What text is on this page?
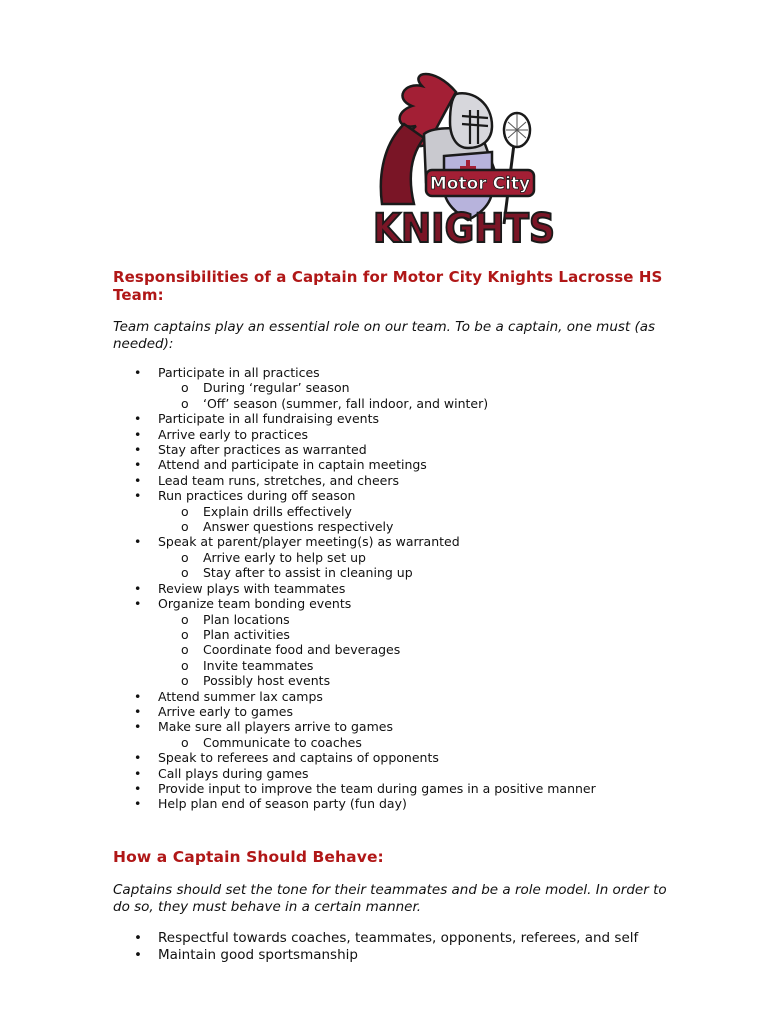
Motor City
KNIGHTS
Responsibilities of a Captain for Motor City Knights Lacrosse HS Team:

Team captains play an essential role on our team. To be a captain, one must (as needed):

• Participate in all practices
o During ‘regular’ season
o ‘Off’ season (summer, fall indoor, and winter)
• Participate in all fundraising events
• Arrive early to practices
• Stay after practices as warranted
• Attend and participate in captain meetings
• Lead team runs, stretches, and cheers
• Run practices during off season
o Explain drills effectively
o Answer questions respectively
• Speak at parent/player meeting(s) as warranted
o Arrive early to help set up
o Stay after to assist in cleaning up
• Review plays with teammates
• Organize team bonding events
o Plan locations
o Plan activities
o Coordinate food and beverages
o Invite teammates
o Possibly host events
• Attend summer lax camps
• Arrive early to games
• Make sure all players arrive to games
o Communicate to coaches
• Speak to referees and captains of opponents
• Call plays during games
• Provide input to improve the team during games in a positive manner
• Help plan end of season party (fun day)
How a Captain Should Behave:

Captains should set the tone for their teammates and be a role model. In order to do so, they must behave in a certain manner.

• Respectful towards coaches, teammates, opponents, referees, and self
• Maintain good sportsmanship
